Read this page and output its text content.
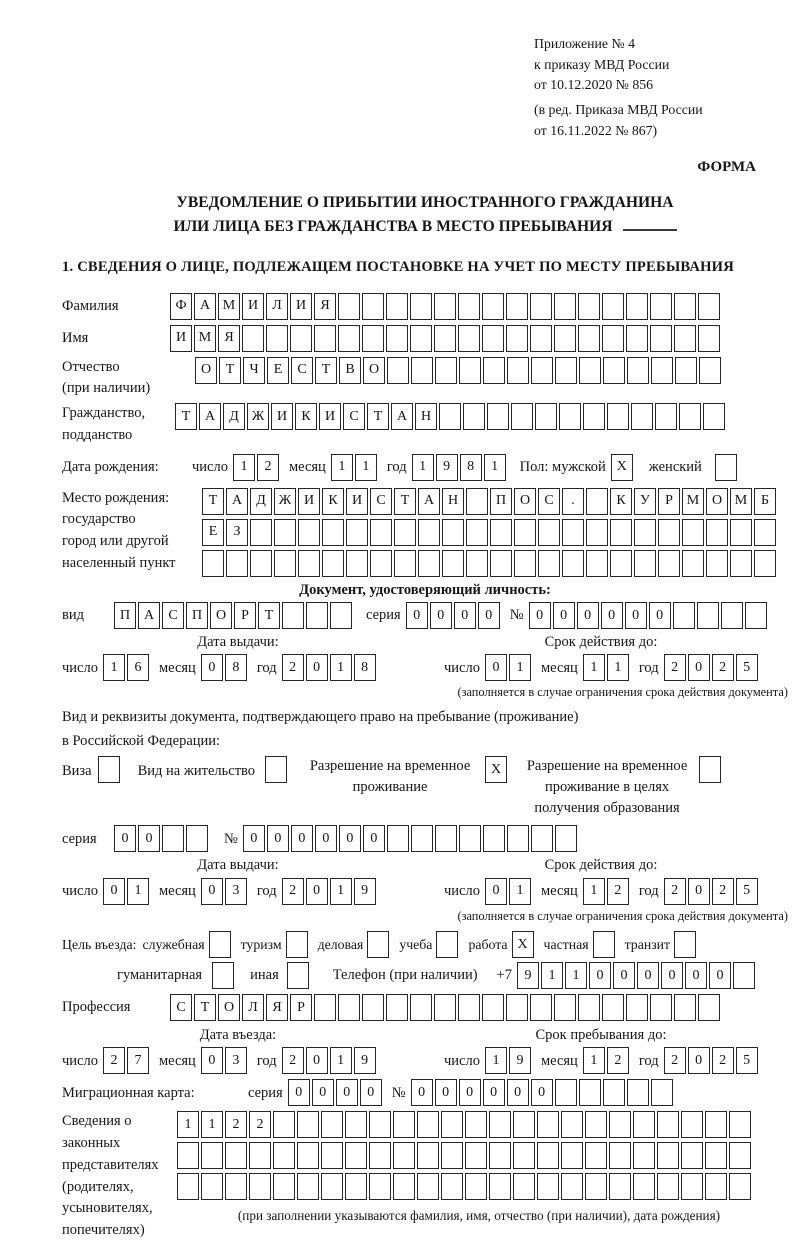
Приложение № 4
к приказу МВД России
от 10.12.2020 № 856
(в ред. Приказа МВД России
от 16.11.2022 № 867)
ФОРМА
УВЕДОМЛЕНИЕ О ПРИБЫТИИ ИНОСТРАННОГО ГРАЖДАНИНА
ИЛИ ЛИЦА БЕЗ ГРАЖДАНСТВА В МЕСТО ПРЕБЫВАНИЯ
1. СВЕДЕНИЯ О ЛИЦЕ, ПОДЛЕЖАЩЕМ ПОСТАНОВКЕ НА УЧЕТ ПО МЕСТУ ПРЕБЫВАНИЯ
Фамилия	Ф А М И	Л	И	Я
Имя	И М Я
Отчество
(при наличии)
О	Т	Ч	Е	С	Т	В	О
Гражданство,
подданство
Т	А	Д Ж И	К	И	С	Т	А Н
Дата рождения:	число 1	2	месяц 1	1	год 1	9	8	1	Пол: мужской X	женский
Место рождения:
государство
город или другой
населенный пункт
Т	А	Д Ж И	К	И	С	Т	А Н	П О	С	.	К	У	Р М О М Б
Е	З
Документ, удостоверяющий личность:
вид	П А	С	П О	Р	Т	серия 0	0	0	0	№ 0	0	0	0	0	0
Дата выдачи:
число 1	6	месяц 0	8	год 2	0	1	8
Срок действия до:
число 0	1	месяц 1	1	год 2	0	2	5
(заполняется в случае ограничения срока действия документа)
Вид и реквизиты документа, подтверждающего право на пребывание (проживание)
в Российской Федерации:
Виза	Вид на жительство	Разрешение на временное проживание
X	Разрешение на временное проживание в целях получения образования
серия	0	0	№ 0	0	0	0	0	0
Дата выдачи:
число 0	1	месяц 0	3	год 2	0	1	9
Срок действия до:
число 0	1	месяц 1	2	год 2	0	2	5
(заполняется в случае ограничения срока действия документа)
Цель въезда: служебная	туризм	деловая	учеба	работа X	частная	транзит
гуманитарная	иная	Телефон (при наличии) +7 9	1	1	0	0	0	0	0	0
Профессия	С	Т	О	Л	Я	Р
Дата въезда:
число 2	7	месяц 0	3	год 2	0	1	9
Срок пребывания до:
число 1	9	месяц 1	2	год 2	0	2	5
Миграционная карта:	серия 0	0	0	0	№ 0	0	0	0	0	0
Сведения о
законных
представителях
(родителях,
усыновителях,
попечителях)
1	1	2	2
(при заполнении указываются фамилия, имя, отчество (при наличии), дата рождения)
